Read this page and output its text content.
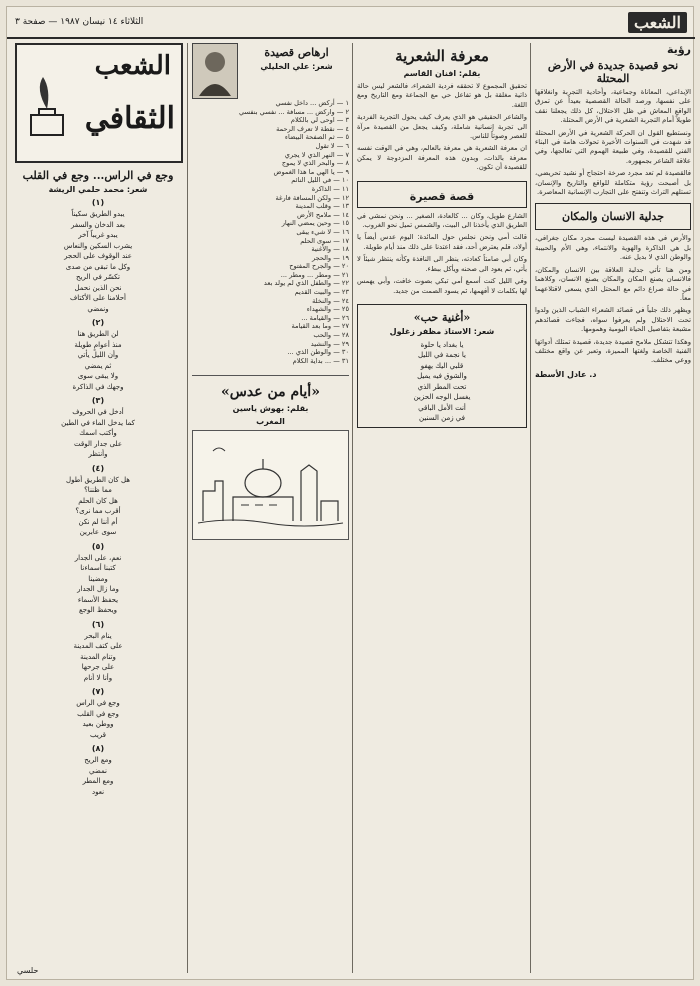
الشعب
الثلاثاء ١٤ نيسان ١٩٨٧ — صفحة ٣
رؤية
نحو قصيدة جديدة في الأرض المحتلة

الإبداعي، المعاناة وجماعية، وأحادية التجربة وانغلاقها على نفسها، ورصد الحالة القصصية بعيداً عن تمزق الواقع المعاش في ظل الاحتلال، كل ذلك يجعلنا نقف طويلاً أمام التجربة الشعرية في الأرض المحتلة.

ونستطيع القول ان الحركة الشعرية في الأرض المحتلة قد شهدت في السنوات الأخيرة تحولات هامة في البناء الفني للقصيدة، وفي طبيعة الهموم التي تعالجها، وفي علاقة الشاعر بجمهوره.

فالقصيدة لم تعد مجرد صرخة احتجاج أو نشيد تحريضي، بل أصبحت رؤية متكاملة للواقع والتاريخ والإنسان، تستلهم التراث وتنفتح على التجارب الإنسانية المعاصرة.

جدلية الانسان والمكان

والأرض في هذه القصيدة ليست مجرد مكان جغرافي، بل هي الذاكرة والهوية والانتماء، وهي الأم والحبيبة والوطن الذي لا بديل عنه.

ومن هنا تأتي جدلية العلاقة بين الانسان والمكان، فالانسان يصنع المكان والمكان يصنع الانسان، وكلاهما في حالة صراع دائم مع المحتل الذي يسعى لاقتلاعهما معاً.

ويظهر ذلك جلياً في قصائد الشعراء الشباب الذين ولدوا تحت الاحتلال ولم يعرفوا سواه، فجاءت قصائدهم مشبعة بتفاصيل الحياة اليومية وهمومها.

وهكذا تتشكل ملامح قصيدة جديدة، قصيدة تمتلك أدواتها الفنية الخاصة ولغتها المميزة، وتعبر عن واقع مختلف ووعي مختلف.

د. عادل الأسطة
معرفة الشعرية
بقلم: افنان القاسم

تحقيق المجموع لا تحققه فردية الشعراء، فالشعر ليس حالة ذاتية مغلقة بل هو تفاعل حي مع الجماعة ومع التاريخ ومع اللغة.

والشاعر الحقيقي هو الذي يعرف كيف يحول التجربة الفردية الى تجربة إنسانية شاملة، وكيف يجعل من القصيدة مرآة للعصر وصوتاً للناس.

ان معرفة الشعرية هي معرفة بالعالم، وهي في الوقت نفسه معرفة بالذات، وبدون هذه المعرفة المزدوجة لا يمكن للقصيدة أن تكون.

قصة قصيرة

الشارع طويل، وكان ... كالعادة، الصغير ... ونحن نمشي في الطريق الذي يأخذنا الى البيت، والشمس تميل نحو الغروب.

قالت أمي ونحن نجلس حول المائدة: اليوم عدس أيضاً يا أولاد، فلم يعترض أحد، فقد اعتدنا على ذلك منذ أيام طويلة.

وكان أبي صامتاً كعادته، ينظر الى النافذة وكأنه ينتظر شيئاً لا يأتي، ثم يعود الى صحنه ويأكل ببطء.

وفي الليل كنت أسمع أمي تبكي بصوت خافت، وأبي يهمس لها بكلمات لا أفهمها، ثم يسود الصمت من جديد.

«أغنية حب»
شعر: الاستاذ مظفر زغلول
يا بغداد يا حلوة
يا نجمة في الليل
قلبي اليك يهفو
والشوق فيه يميل
تحت المطر الذي
يغسل الوجه الحزين
أنت الأمل الباقي
في زمن السنين
ارهاص قصيدة
شعر: علي الخليلي
١ — أركض ... داخل نفسي
٢ — واركض ... مسافة ... نفسي بنفسي
٣ — اوحى لي بالكلام
٤ — نقطة لا تعرف الرحمة
٥ — ثم الصفحة البيضاء
٦ — لا تقول
٧ — النهر الذي لا يجري
٨ — والبحر الذي لا يموج
٩ — يا الهي ما هذا الغموض
١٠ — في الليل النائم
١١ — الذاكرة
١٢ — ولكن المسافة فارغة
١٣ — وقلب المدينة
١٤ — ملامح الأرض
١٥ — وحين يمضي النهار
١٦ — لا شيء يبقى
١٧ — سوى الحلم
١٨ — والأغنية
١٩ — والحجر
٢٠ — والجرح المفتوح
٢١ — ومطر ... ومطر ...
٢٢ — والطفل الذي لم يولد بعد
٢٣ — والبيت القديم
٢٤ — والنخلة
٢٥ — والشهداء
٢٦ — والقيامة ...
٢٧ — وما بعد القيامة
٢٨ — والحب
٢٩ — والنشيد
٣٠ — والوطن الذي ...
٣١ — ... بداية الكلام
«أيام من عدس»
بقلم: بهوش ياسين
المغرب
الشعب
الثقافي
وجع في الراس... وجع في القلب
شعر: محمد حلمي الريشة
(١)
يبدو الطريق سكيناً
بعد الدخان والسفر
يبدو غريباً آخر
يشرب السكين والنعاس
عند الوقوف على الحجر
وكل ما تبقى من صدى
تكسّر في الريح
نحن الذين نحمل
أحلامنا على الأكتاف
ونمضي
(٢)
لن الطريق هنا
منذ أعوامٍ طويلة
وأن الليل يأتي
ثم يمضي
ولا يبقى سوى
وجهك في الذاكرة
(٣)
أدخل في الحروف
كما يدخل الماء في الطين
وأكتب اسمك
على جدار الوقت
وأنتظر
(٤)
هل كان الطريق أطول
مما ظننا؟
هل كان الحلم
أقرب مما نرى؟
أم أننا لم نكن
سوى عابرين
(٥)
نعم، على الجدار
كتبنا أسماءنا
ومضينا
وما زال الجدار
يحفظ الأسماء
ويحفظ الوجع
(٦)
ينام البحر
على كتف المدينة
وتنام المدينة
على جرحها
وأنا لا أنام
(٧)
وجع في الراس
وجع في القلب
ووطن بعيد
قريب
(٨)
ومع الريح
نمضي
ومع المطر
نعود
حلسي
